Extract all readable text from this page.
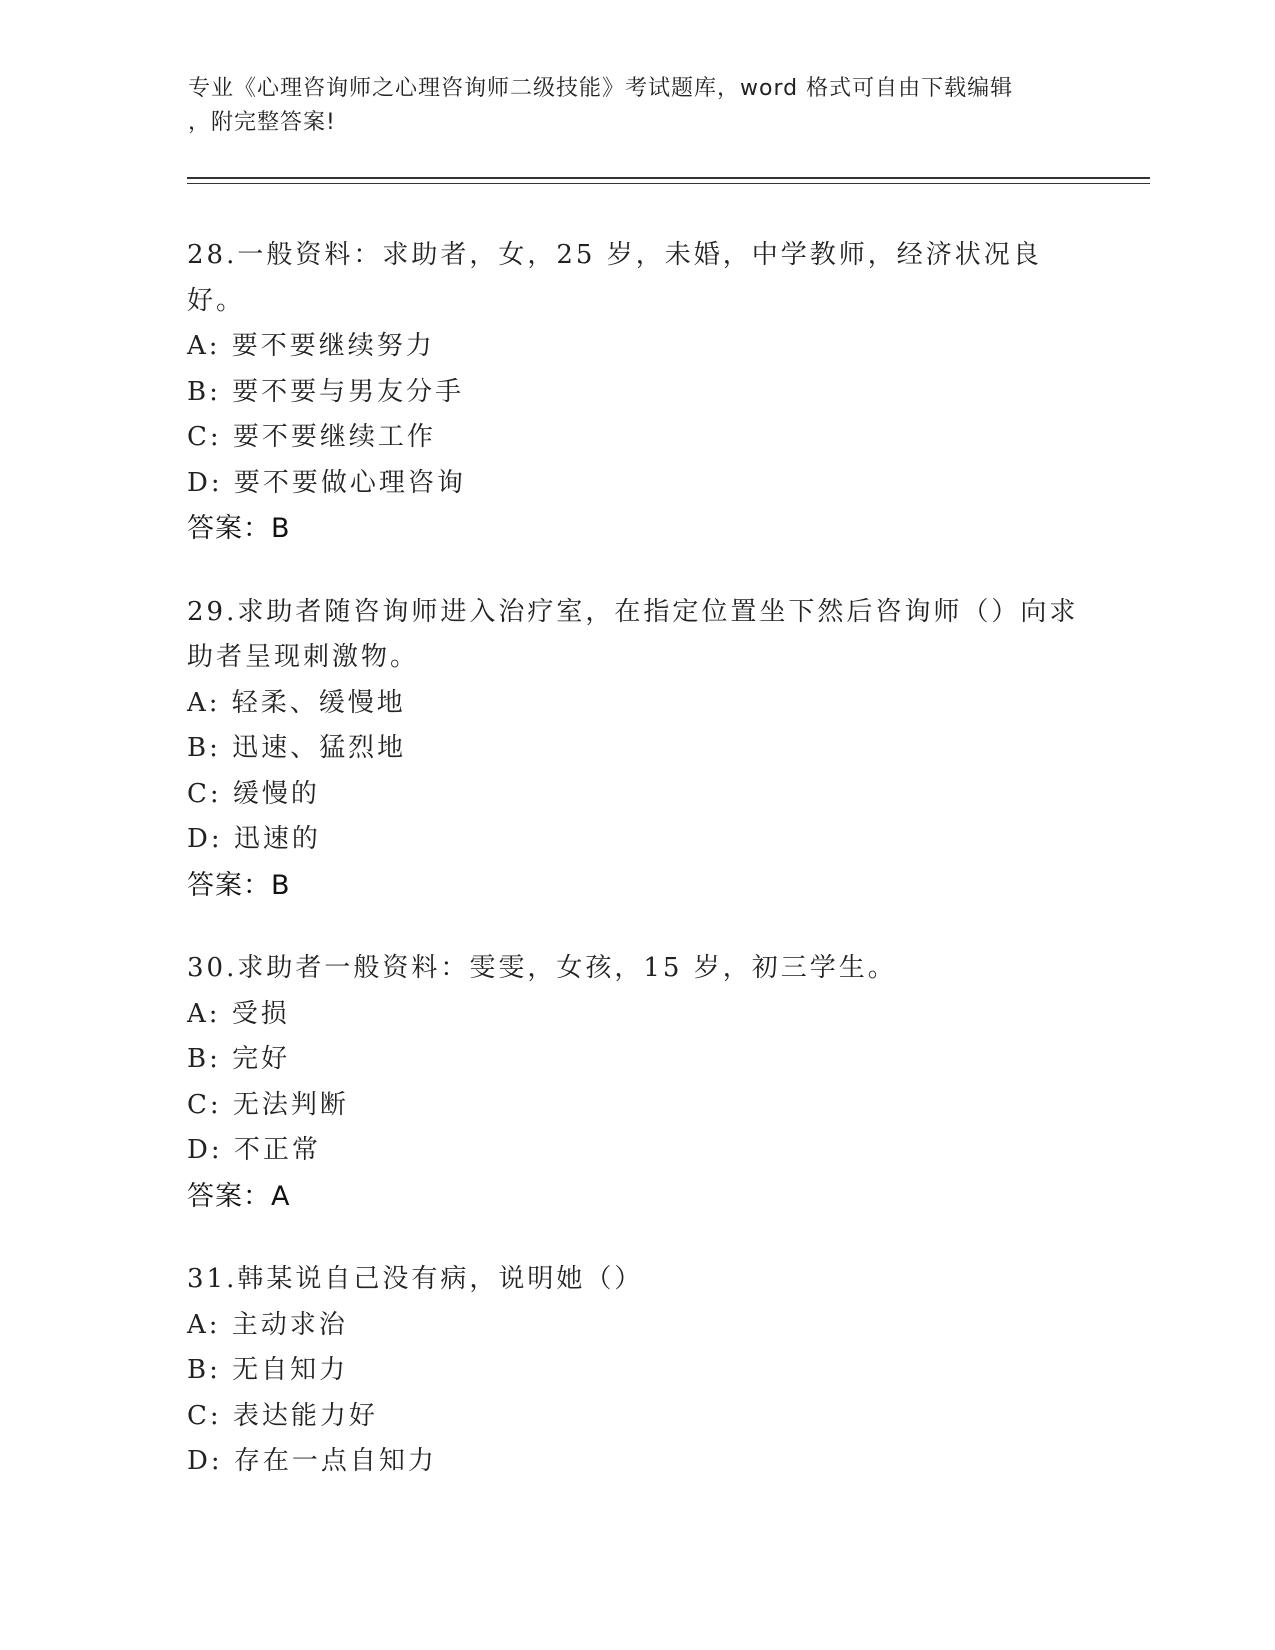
专业《心理咨询师之心理咨询师二级技能》考试题库，word 格式可自由下载编辑
，附完整答案!
28.一般资料：求助者，女，25 岁，未婚，中学教师，经济状况良好。
A: 要不要继续努力
B: 要不要与男友分手
C: 要不要继续工作
D: 要不要做心理咨询
答案：B
29.求助者随咨询师进入治疗室，在指定位置坐下然后咨询师（）向求
助者呈现刺激物。
A: 轻柔、缓慢地
B: 迅速、猛烈地
C: 缓慢的
D: 迅速的
答案：B
30.求助者一般资料：雯雯，女孩，15 岁，初三学生。
A: 受损
B: 完好
C: 无法判断
D: 不正常
答案：A
31.韩某说自己没有病，说明她（）
A: 主动求治
B: 无自知力
C: 表达能力好
D: 存在一点自知力
